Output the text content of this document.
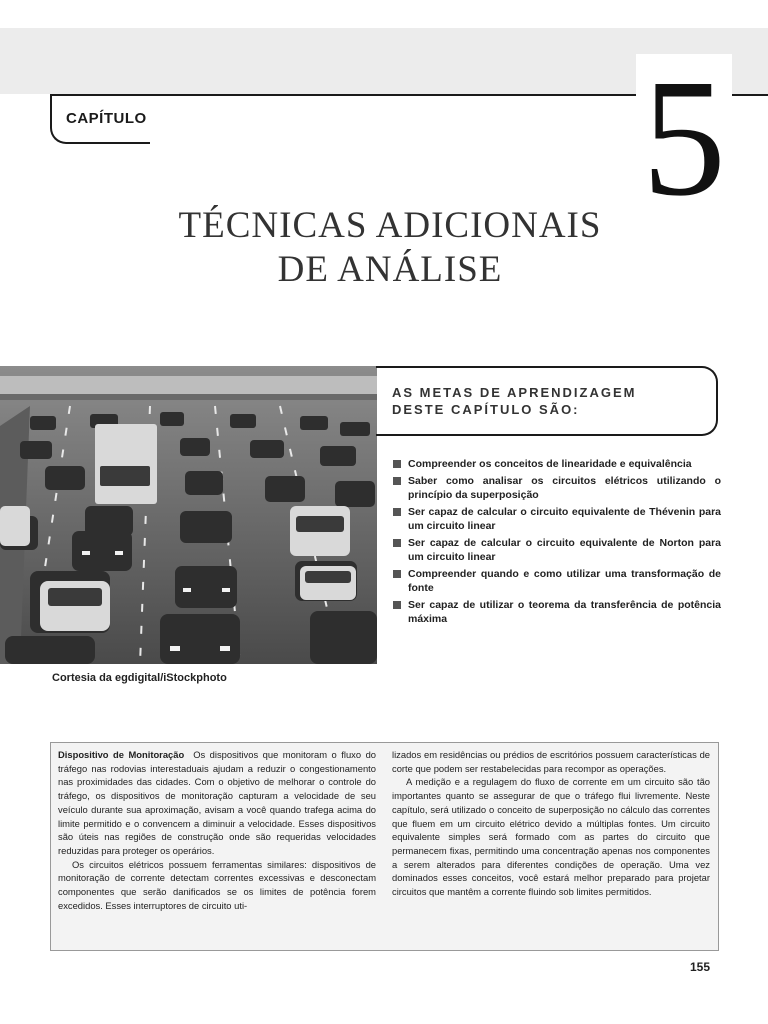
CAPÍTULO	5
TÉCNICAS ADICIONAIS
DE ANÁLISE
Cortesia da egdigital/iStockphoto
AS METAS DE APRENDIZAGEM DESTE CAPÍTULO SÃO:
Compreender os conceitos de linearidade e equivalência
Saber como analisar os circuitos elétricos utilizando o princípio da superposição
Ser capaz de calcular o circuito equivalente de Thévenin para um circuito linear
Ser capaz de calcular o circuito equivalente de Norton para um circuito linear
Compreender quando e como utilizar uma transformação de fonte
Ser capaz de utilizar o teorema da transferência de potência máxima

Dispositivo de Monitoração Os dispositivos que monitoram o fluxo do tráfego nas rodovias interestaduais ajudam a reduzir o congestionamento nas proximidades das cidades. Com o objetivo de melhorar o controle do tráfego, os dispositivos de monitoração capturam a velocidade de seu veículo durante sua aproximação, avisam a você quando trafega acima do limite permitido e o convencem a diminuir a velocidade. Esses dispositivos são úteis nas regiões de construção onde são requeridas velocidades reduzidas para proteger os operários.

Os circuitos elétricos possuem ferramentas similares: dispositivos de monitoração de corrente detectam correntes excessivas e desconectam componentes que serão danificados se os limites de potência forem excedidos. Esses interruptores de circuito uti-

lizados em residências ou prédios de escritórios possuem características de corte que podem ser restabelecidas para recompor as operações.

A medição e a regulagem do fluxo de corrente em um circuito são tão importantes quanto se assegurar de que o tráfego flui livremente. Neste capítulo, será utilizado o conceito de superposição no cálculo das correntes que fluem em um circuito elétrico devido a múltiplas fontes. Um circuito equivalente simples será formado com as partes do circuito que permanecem fixas, permitindo uma concentração apenas nos componentes a serem alterados para diferentes condições de operação. Uma vez dominados esses conceitos, você estará melhor preparado para projetar circuitos que mantêm a corrente fluindo sob limites permitidos.

155
